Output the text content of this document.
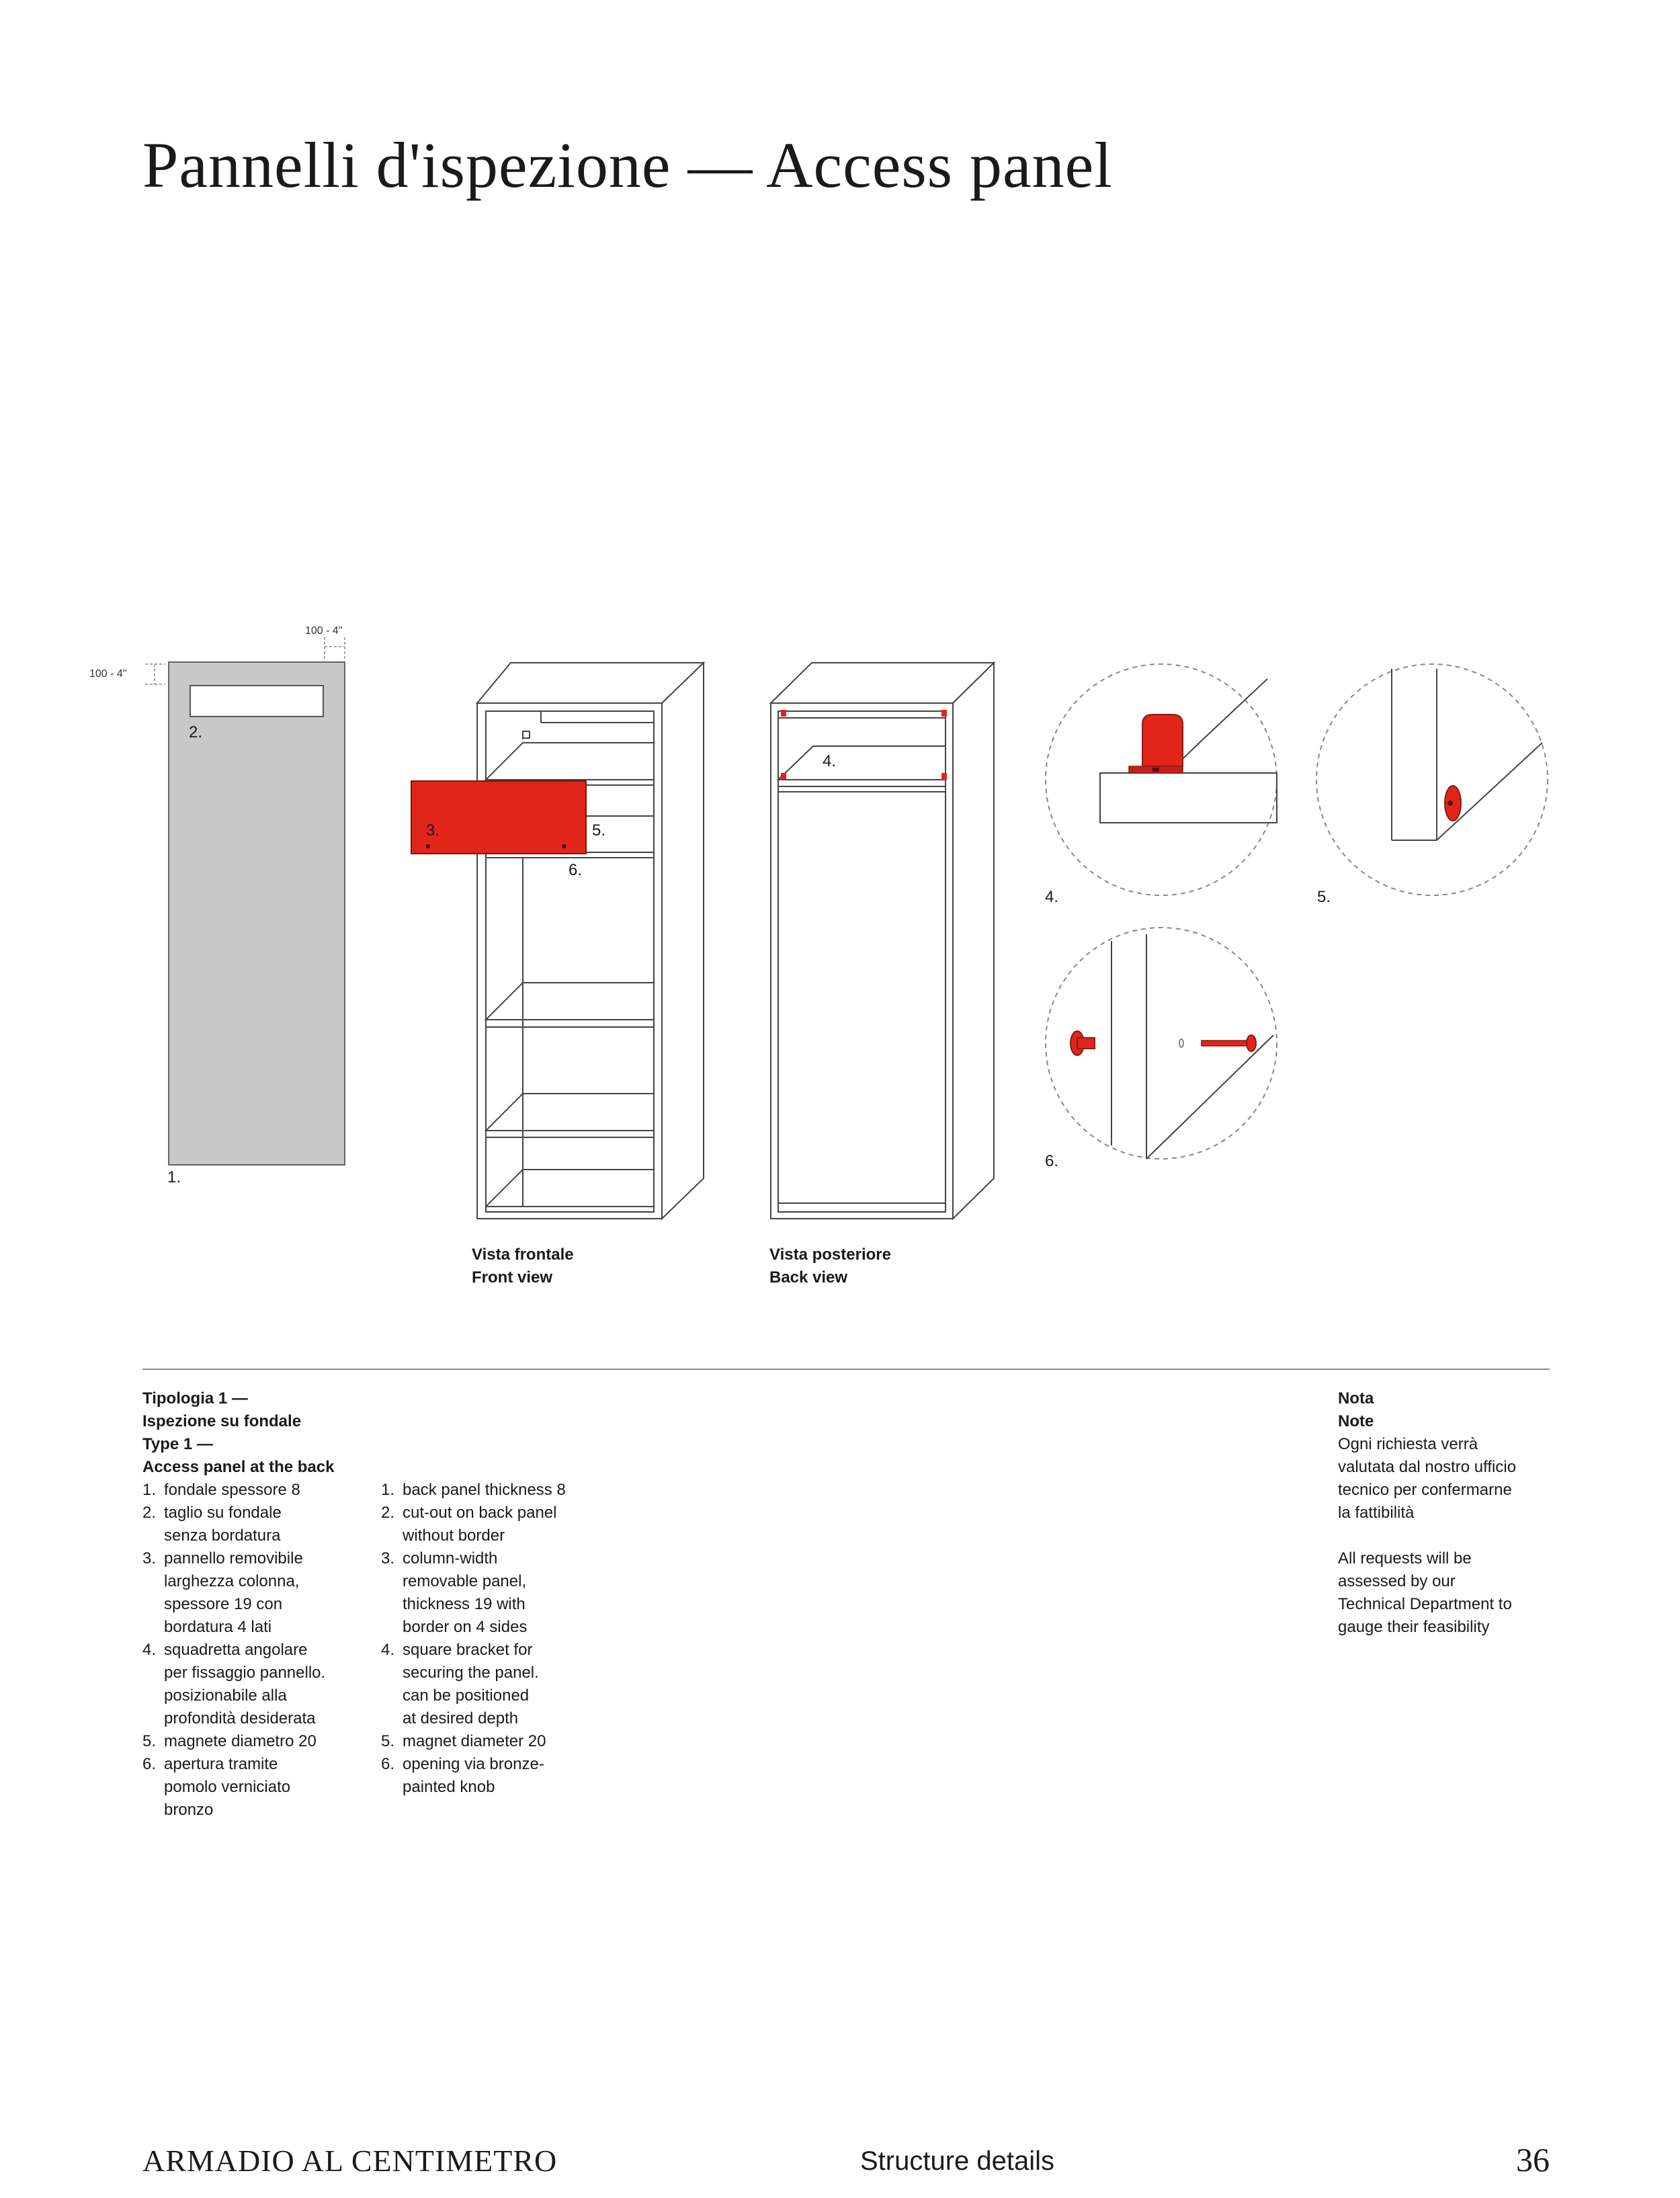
Pannelli d'ispezione — Access panel
100 - 4"
100 - 4"
2.
1.
3.	5.
6.
4.
4.	5.
6.
Vista frontale
Front view
Vista posteriore
Back view
Tipologia 1 —
Ispezione su fondale
Type 1 —
Access panel at the back
1. fondale spessore 8
2. taglio su fondale
senza bordatura
3. pannello removibile
larghezza colonna,
spessore 19 con
bordatura 4 lati
4. squadretta angolare
per fissaggio pannello.
posizionabile alla
profondità desiderata
5. magnete diametro 20
6. apertura tramite
pomolo verniciato
bronzo
1. back panel thickness 8
2. cut-out on back panel
without border
3. column-width
removable panel,
thickness 19 with
border on 4 sides
4. square bracket for
securing the panel.
can be positioned
at desired depth
5. magnet diameter 20
6. opening via bronze-
painted knob
Nota
Note
Ogni richiesta verrà
valutata dal nostro ufficio
tecnico per confermarne
la fattibilità
All requests will be
assessed by our
Technical Department to
gauge their feasibility
ARMADIO AL CENTIMETRO	Structure details	36
